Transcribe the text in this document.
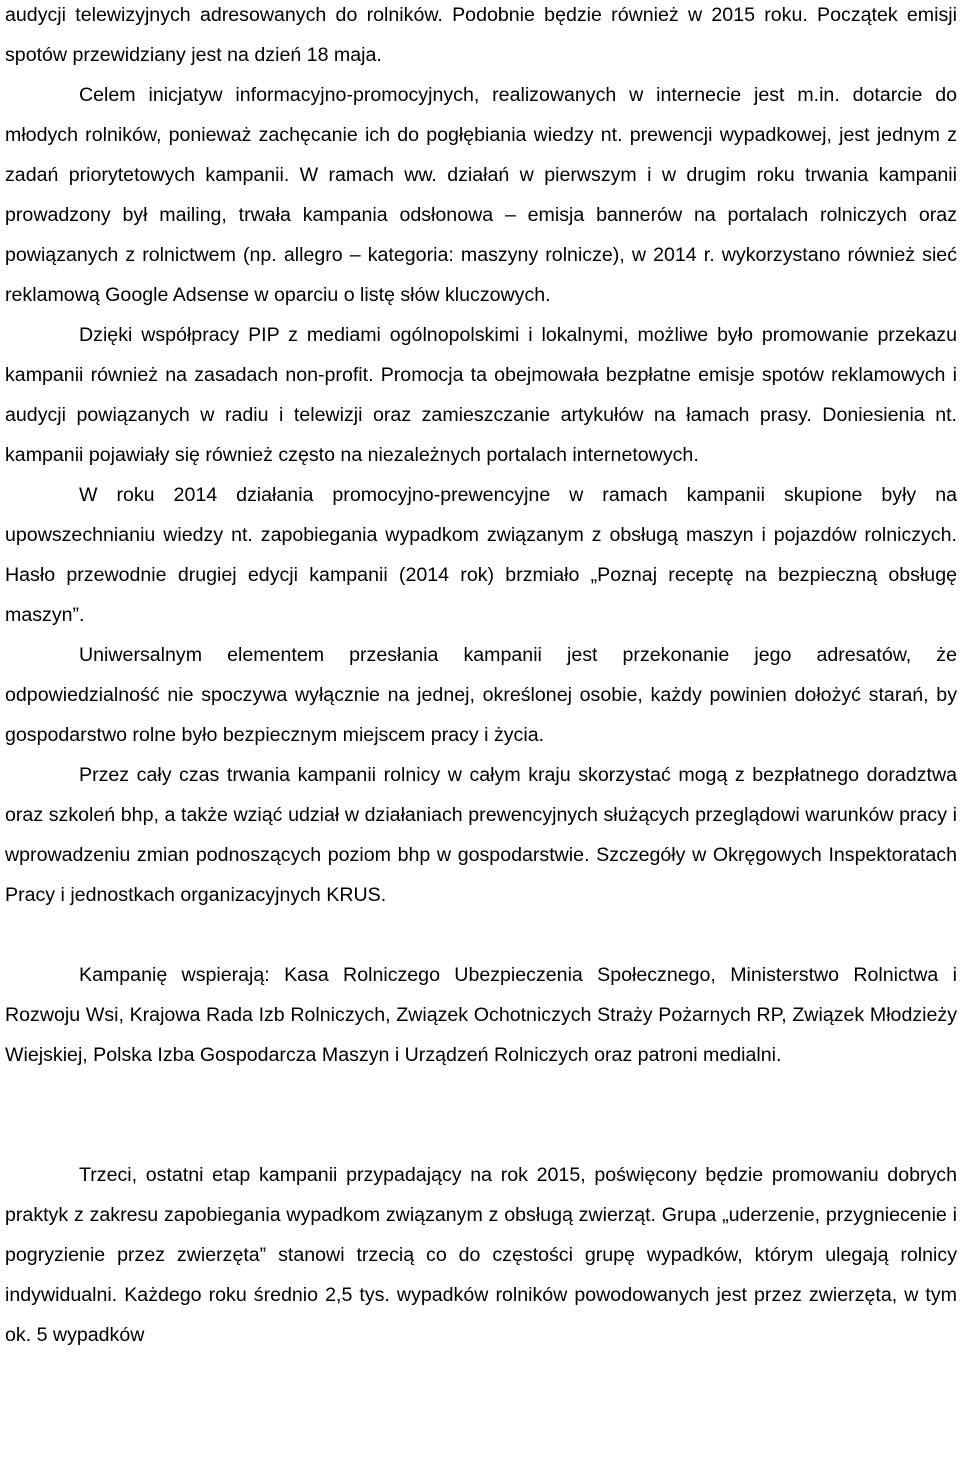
audycji telewizyjnych adresowanych do rolników. Podobnie będzie również w 2015 roku. Początek emisji spotów przewidziany jest na dzień 18 maja.

Celem inicjatyw informacyjno-promocyjnych, realizowanych w internecie jest m.in. dotarcie do młodych rolników, ponieważ zachęcanie ich do pogłębiania wiedzy nt. prewencji wypadkowej, jest jednym z zadań priorytetowych kampanii. W ramach ww. działań w pierwszym i w drugim roku trwania kampanii prowadzony był mailing, trwała kampania odsłonowa – emisja bannerów na portalach rolniczych oraz powiązanych z rolnictwem (np. allegro – kategoria: maszyny rolnicze), w 2014 r. wykorzystano również sieć reklamową Google Adsense w oparciu o listę słów kluczowych.

Dzięki współpracy PIP z mediami ogólnopolskimi i lokalnymi, możliwe było promowanie przekazu kampanii również na zasadach non-profit. Promocja ta obejmowała bezpłatne emisje spotów reklamowych i audycji powiązanych w radiu i telewizji oraz zamieszczanie artykułów na łamach prasy. Doniesienia nt. kampanii pojawiały się również często na niezależnych portalach internetowych.

W roku 2014 działania promocyjno-prewencyjne w ramach kampanii skupione były na upowszechnianiu wiedzy nt. zapobiegania wypadkom związanym z obsługą maszyn i pojazdów rolniczych. Hasło przewodnie drugiej edycji kampanii (2014 rok) brzmiało „Poznaj receptę na bezpieczną obsługę maszyn”.

Uniwersalnym elementem przesłania kampanii jest przekonanie jego adresatów, że odpowiedzialność nie spoczywa wyłącznie na jednej, określonej osobie, każdy powinien dołożyć starań, by gospodarstwo rolne było bezpiecznym miejscem pracy i życia.

Przez cały czas trwania kampanii rolnicy w całym kraju skorzystać mogą z bezpłatnego doradztwa oraz szkoleń bhp, a także wziąć udział w działaniach prewencyjnych służących przeglądowi warunków pracy i wprowadzeniu zmian podnoszących poziom bhp w gospodarstwie. Szczegóły w Okręgowych Inspektoratach Pracy i jednostkach organizacyjnych KRUS.

Kampanię wspierają: Kasa Rolniczego Ubezpieczenia Społecznego, Ministerstwo Rolnictwa i Rozwoju Wsi, Krajowa Rada Izb Rolniczych, Związek Ochotniczych Straży Pożarnych RP, Związek Młodzieży Wiejskiej, Polska Izba Gospodarcza Maszyn i Urządzeń Rolniczych oraz patroni medialni.

Trzeci, ostatni etap kampanii przypadający na rok 2015, poświęcony będzie promowaniu dobrych praktyk z zakresu zapobiegania wypadkom związanym z obsługą zwierząt. Grupa „uderzenie, przygniecenie i pogryzienie przez zwierzęta” stanowi trzecią co do częstości grupę wypadków, którym ulegają rolnicy indywidualni. Każdego roku średnio 2,5 tys. wypadków rolników powodowanych jest przez zwierzęta, w tym ok. 5 wypadków
